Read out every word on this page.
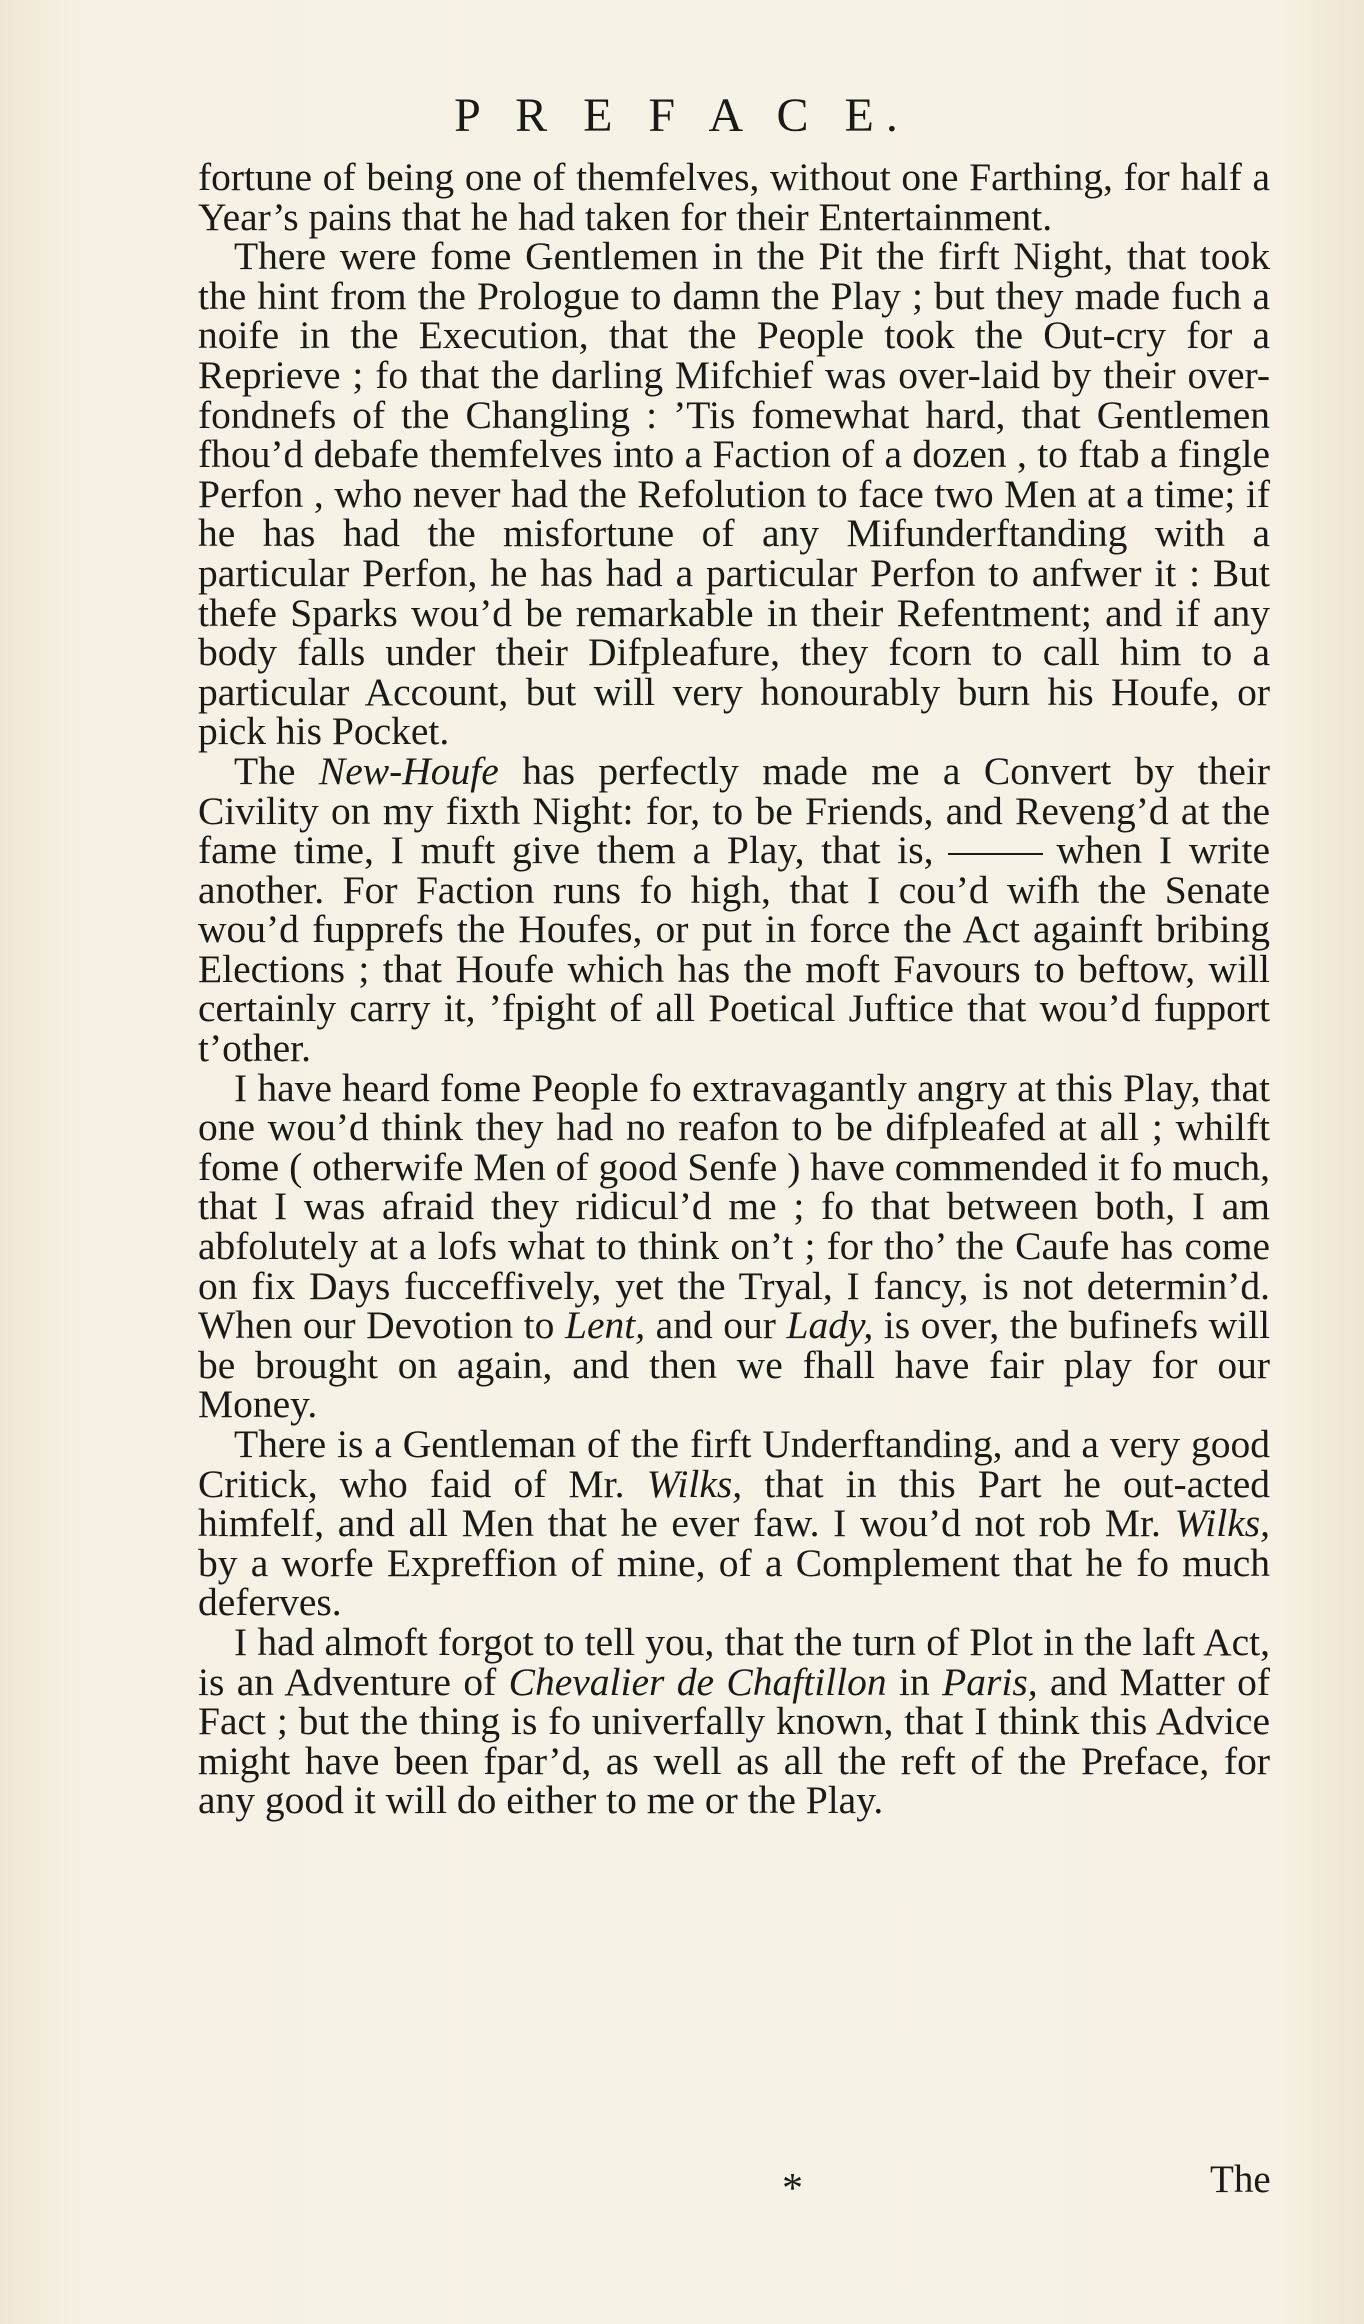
P R E F A C E.

fortune of being one of themfelves, without one Farthing, for half a Year’s pains that he had taken for their Entertainment.

There were fome Gentlemen in the Pit the firft Night, that took the hint from the Prologue to damn the Play ; but they made fuch a noife in the Execution, that the People took the Out-cry for a Reprieve ; fo that the darling Mifchief was over-laid by their over-fondnefs of the Changling : ’Tis fomewhat hard, that Gentlemen fhou’d debafe themfelves into a Faction of a dozen , to ftab a fingle Perfon , who never had the Refolution to face two Men at a time; if he has had the misfortune of any Mifunderftanding with a particular Perfon, he has had a particular Perfon to anfwer it : But thefe Sparks wou’d be remarkable in their Refentment; and if any body falls under their Difpleafure, they fcorn to call him to a particular Account, but will very honourably burn his Houfe, or pick his Pocket.

The New-Houfe has perfectly made me a Convert by their Civility on my fixth Night: for, to be Friends, and Reveng’d at the fame time, I muft give them a Play, that is,	when I write another. For Faction runs fo high, that I cou’d wifh the Senate wou’d fupprefs the Houfes, or put in force the Act againft bribing Elections ; that Houfe which has the moft Favours to beftow, will certainly carry it, ’fpight of all Poetical Juftice that wou’d fupport t’other.

I have heard fome People fo extravagantly angry at this Play, that one wou’d think they had no reafon to be difpleafed at all ; whilft fome ( otherwife Men of good Senfe ) have commended it fo much, that I was afraid they ridicul’d me ; fo that between both, I am abfolutely at a lofs what to think on’t ; for tho’ the Caufe has come on fix Days fucceffively, yet the Tryal, I fancy, is not determin’d. When our Devotion to Lent, and our Lady, is over, the bufinefs will be brought on again, and then we fhall have fair play for our Money.

There is a Gentleman of the firft Underftanding, and a very good Critick, who faid of Mr. Wilks, that in this Part he out-acted himfelf, and all Men that he ever faw. I wou’d not rob Mr. Wilks, by a worfe Expreffion of mine, of a Complement that he fo much deferves.

I had almoft forgot to tell you, that the turn of Plot in the laft Act, is an Adventure of Chevalier de Chaftillon in Paris, and Matter of Fact ; but the thing is fo univerfally known, that I think this Advice might have been fpar’d, as well as all the reft of the Preface, for any good it will do either to me or the Play.

*	The
